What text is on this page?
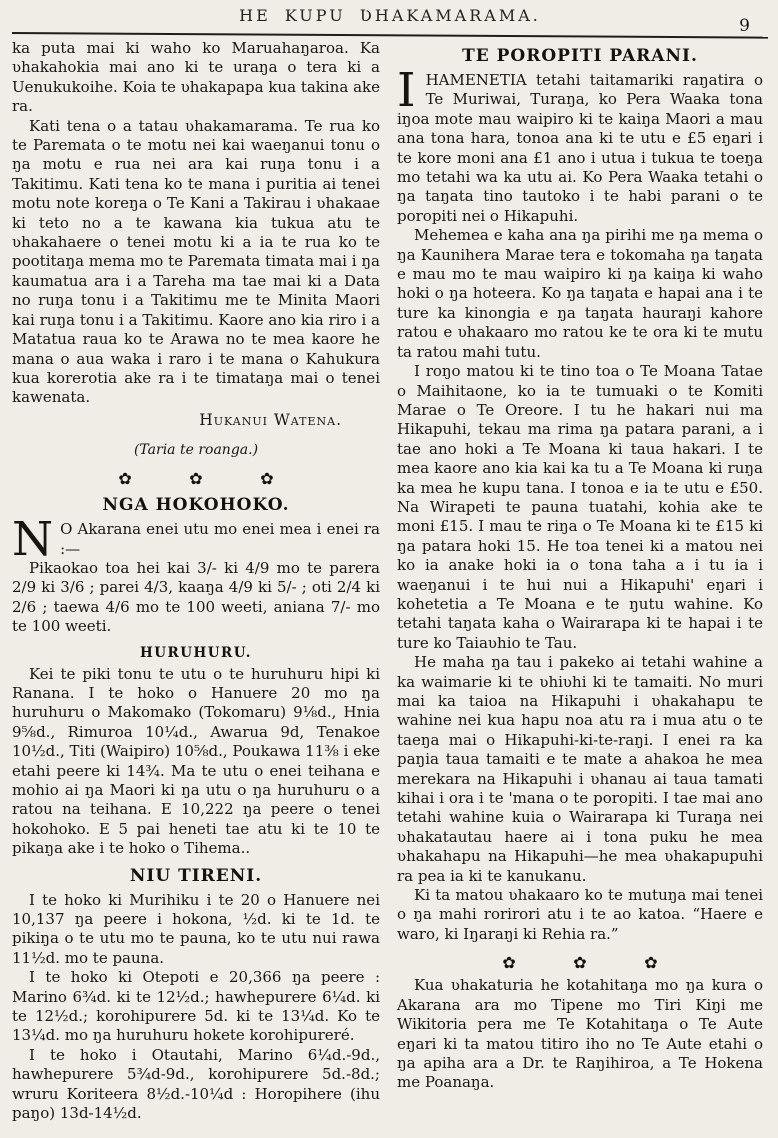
HE KUPU ƲHAKAMARAMA.
9

ka puta mai ki waho ko Maruahaŋaroa. Ka ʋhakahokia mai ano ki te uraŋa o tera ki a Uenukukoihe. Koia te ʋhakapapa kua takina ake ra.

Kati tena o a tatau ʋhakamarama. Te rua ko te Paremata o te motu nei kai waeŋanui tonu o ŋa motu e rua nei ara kai ruŋa tonu i a Takitimu. Kati tena ko te mana i puritia ai tenei motu note koreŋa o Te Kani a Takirau i ʋhakaae ki teto no a te kawana kia tukua atu te ʋhakahaere o tenei motu ki a ia te rua ko te pootitaŋa mema mo te Paremata timata mai i ŋa kaumatua ara i a Tareha ma tae mai ki a Data no ruŋa tonu i a Takitimu me te Minita Maori kai ruŋa tonu i a Takitimu. Kaore ano kia riro i a Matatua raua ko te Arawa no te mea kaore he mana o aua waka i raro i te mana o Kahukura kua korerotia ake ra i te timataŋa mai o tenei kawenata.

Hukanui Watena.

(Taria te roanga.)

✿ ✿ ✿
NGA HOKOHOKO.

N O Akarana enei utu mo enei mea i enei ra :—

Pikaokao toa hei kai 3/- ki 4/9 mo te parera 2/9 ki 3/6 ; parei 4/3, kaaŋa 4/9 ki 5/- ; oti 2/4 ki 2/6 ; taewa 4/6 mo te 100 weeti, aniana 7/- mo te 100 weeti.

HURUHURU.

Kei te piki tonu te utu o te huruhuru hipi ki Ranana. I te hoko o Hanuere 20 mo ŋa huruhuru o Makomako (Tokomaru) 9⅛d., Hnia 9⅝d., Rimuroa 10¼d., Awarua 9d, Tenakoe 10½d., Titi (Waipiro) 10⅝d., Poukawa 11⅜ i eke etahi peere ki 14¾. Ma te utu o enei teihana e mohio ai ŋa Maori ki ŋa utu o ŋa huruhuru o a ratou na teihana. E 10,222 ŋa peere o tenei hokohoko. E 5 pai heneti tae atu ki te 10 te pikaŋa ake i te hoko o Tihema..

NIU TIRENI.

I te hoko ki Murihiku i te 20 o Hanuere nei 10,137 ŋa peere i hokona, ½d. ki te 1d. te pikiŋa o te utu mo te pauna, ko te utu nui rawa 11½d. mo te pauna.

I te hoko ki Otepoti e 20,366 ŋa peere : Marino 6¾d. ki te 12½d.; hawhepurere 6¼d. ki te 12½d.; korohipurere 5d. ki te 13¼d. Ko te 13¼d. mo ŋa huruhuru hokete korohipureré.

I te hoko i Otautahi, Marino 6¼d.-9d., hawhepurere 5¾d-9d., korohipurere 5d.-8d.; wruru Koriteera 8½d.-10¼d : Horopihere (ihu paŋo) 13d-14½d.

TE POROPITI PARANI.

IHAMENETIA tetahi taitamariki raŋatira o Te Muriwai, Turaŋa, ko Pera Waaka tona iŋoa mote mau waipiro ki te kaiŋa Maori a mau ana tona hara, tonoa ana ki te utu e £5 eŋari i te kore moni ana £1 ano i utua i tukua te toeŋa mo tetahi wa ka utu ai. Ko Pera Waaka tetahi o ŋa taŋata tino tautoko i te habi parani o te poropiti nei o Hikapuhi.

Mehemea e kaha ana ŋa pirihi me ŋa mema o ŋa Kaunihera Marae tera e tokomaha ŋa taŋata e mau mo te mau waipiro ki ŋa kaiŋa ki waho hoki o ŋa hoteera. Ko ŋa taŋata e hapai ana i te ture ka kinongia e ŋa taŋata hauraŋi kahore ratou e ʋhakaaro mo ratou ke te ora ki te mutu ta ratou mahi tutu.

I roŋo matou ki te tino toa o Te Moana Tatae o Maihitaone, ko ia te tumuaki o te Komiti Marae o Te Oreore. I tu he hakari nui ma Hikapuhi, tekau ma rima ŋa patara parani, a i tae ano hoki a Te Moana ki taua hakari. I te mea kaore ano kia kai ka tu a Te Moana ki ruŋa ka mea he kupu tana. I tonoa e ia te utu e £50. Na Wirapeti te pauna tuatahi, kohia ake te moni £15. I mau te riŋa o Te Moana ki te £15 ki ŋa patara hoki 15. He toa tenei ki a matou nei ko ia anake hoki ia o tona taha a i tu ia i waeŋanui i te hui nui a Hikapuhi' eŋari i kohetetia a Te Moana e te ŋutu wahine. Ko tetahi taŋata kaha o Wairarapa ki te hapai i te ture ko Taiaʋhio te Tau.

He maha ŋa tau i pakeko ai tetahi wahine a ka waimarie ki te ʋhiʋhi ki te tamaiti. No muri mai ka taioa na Hikapuhi i ʋhakahapu te wahine nei kua hapu noa atu ra i mua atu o te taeŋa mai o Hikapuhi-ki-te-raŋi. I enei ra ka paŋia taua tamaiti e te mate a ahakoa he mea merekara na Hikapuhi i ʋhanau ai taua tamati kihai i ora i te 'mana o te poropiti. I tae mai ano tetahi wahine kuia o Wairarapa ki Turaŋa nei ʋhakatautau haere ai i tona puku he mea ʋhakahapu na Hikapuhi—he mea ʋhakapupuhi ra pea ia ki te kanukanu.

Ki ta matou ʋhakaaro ko te mutuŋa mai tenei o ŋa mahi rorirori atu i te ao katoa. “Haere e waro, ki Iŋaraŋi ki Rehia ra.”

✿ ✿ ✿

Kua ʋhakaturia he kotahitaŋa mo ŋa kura o Akarana ara mo Tipene mo Tiri Kiŋi me Wikitoria pera me Te Kotahitaŋa o Te Aute eŋari ki ta matou titiro iho no Te Aute etahi o ŋa apiha ara a Dr. te Raŋihiroa, a Te Hokena me Poanaŋa.
